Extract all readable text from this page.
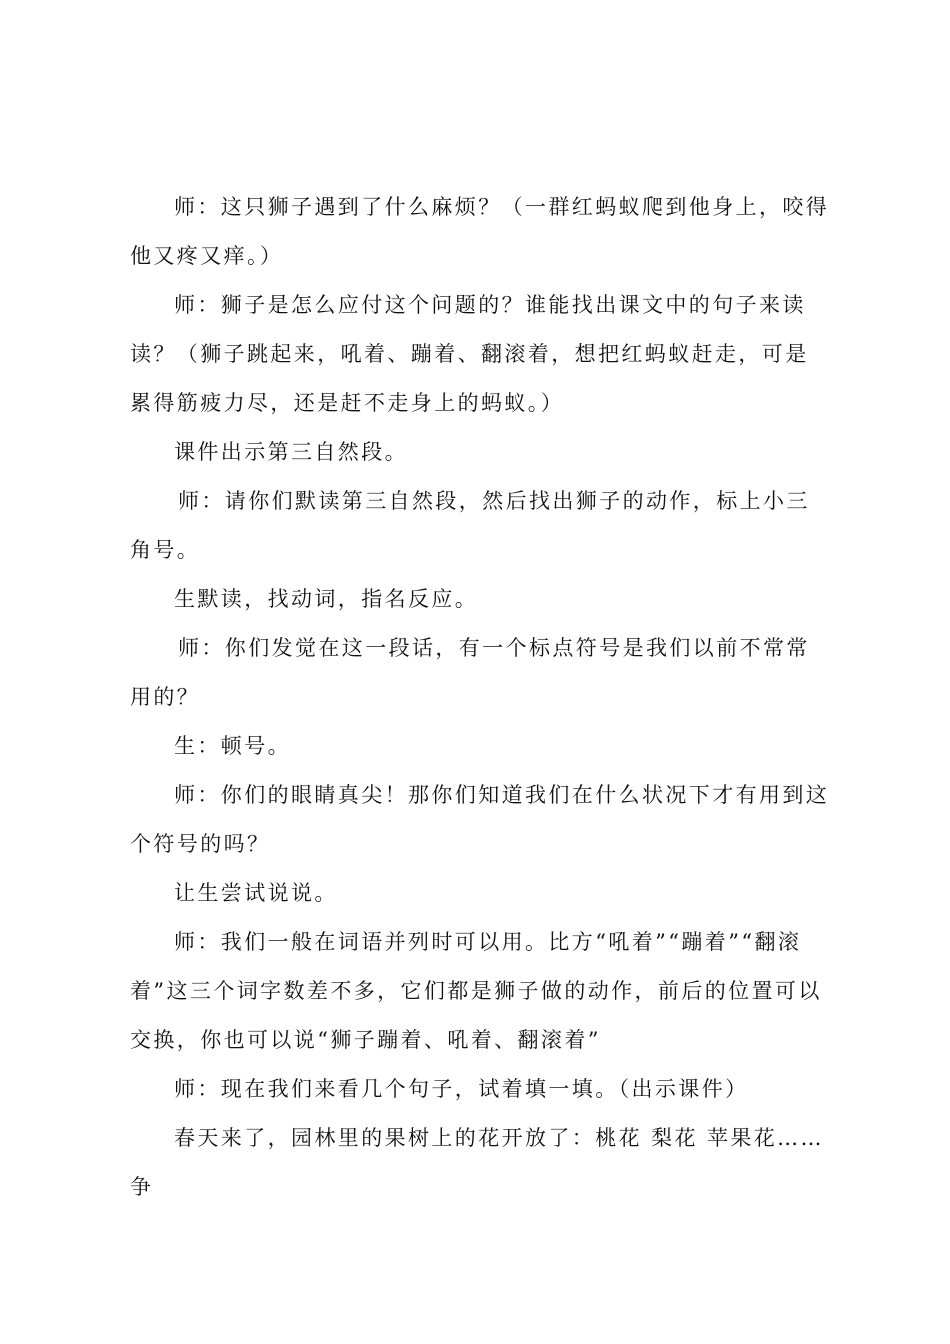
师：这只狮子遇到了什么麻烦？（一群红蚂蚁爬到他身上，咬得他又疼又痒。）

师：狮子是怎么应付这个问题的？谁能找出课文中的句子来读读？（狮子跳起来，吼着、蹦着、翻滚着，想把红蚂蚁赶走，可是累得筋疲力尽，还是赶不走身上的蚂蚁。）

课件出示第三自然段。

师：请你们默读第三自然段，然后找出狮子的动作，标上小三角号。

生默读，找动词，指名反应。

师：你们发觉在这一段话，有一个标点符号是我们以前不常常用的？

生：顿号。

师：你们的眼睛真尖！那你们知道我们在什么状况下才有用到这个符号的吗？

让生尝试说说。

师：我们一般在词语并列时可以用。比方“吼着”“蹦着”“翻滚着”这三个词字数差不多，它们都是狮子做的动作，前后的位置可以交换，你也可以说“狮子蹦着、吼着、翻滚着”

师：现在我们来看几个句子，试着填一填。（出示课件）

春天来了，园林里的果树上的花开放了：桃花 梨花 苹果花……争
